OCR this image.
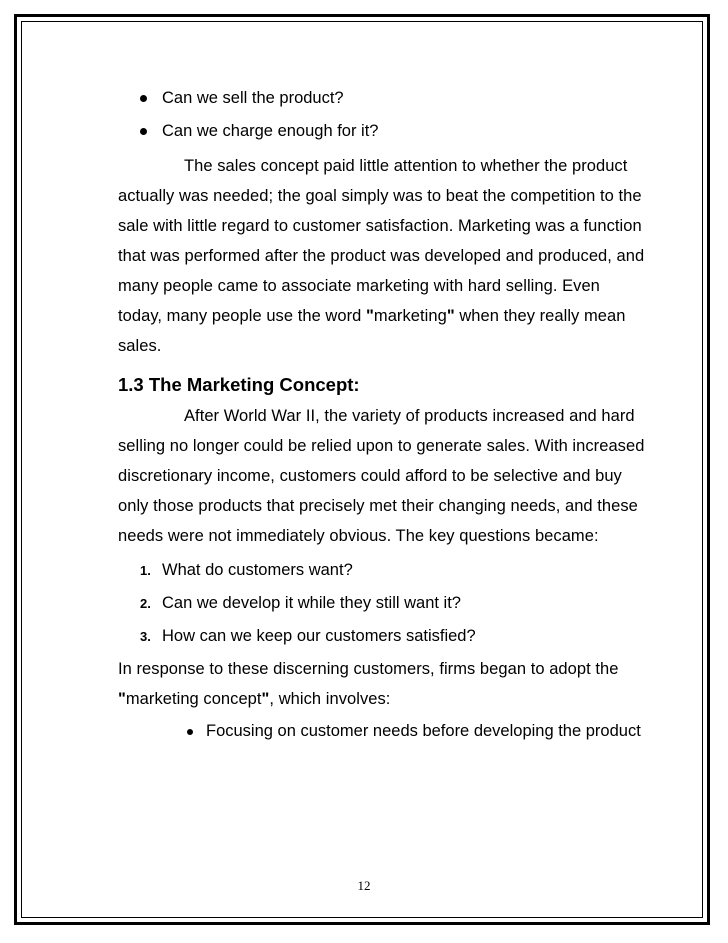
Can we sell the product?
Can we charge enough for it?

The sales concept paid little attention to whether the product actually was needed; the goal simply was to beat the competition to the sale with little regard to customer satisfaction. Marketing was a function that was performed after the product was developed and produced, and many people came to associate marketing with hard selling. Even today, many people use the word "marketing" when they really mean sales.

1.3 The Marketing Concept:

After World War II, the variety of products increased and hard selling no longer could be relied upon to generate sales. With increased discretionary income, customers could afford to be selective and buy only those products that precisely met their changing needs, and these needs were not immediately obvious. The key questions became:

1. What do customers want?
2. Can we develop it while they still want it?
3. How can we keep our customers satisfied?

In response to these discerning customers, firms began to adopt the "marketing concept", which involves:

Focusing on customer needs before developing the product
12
